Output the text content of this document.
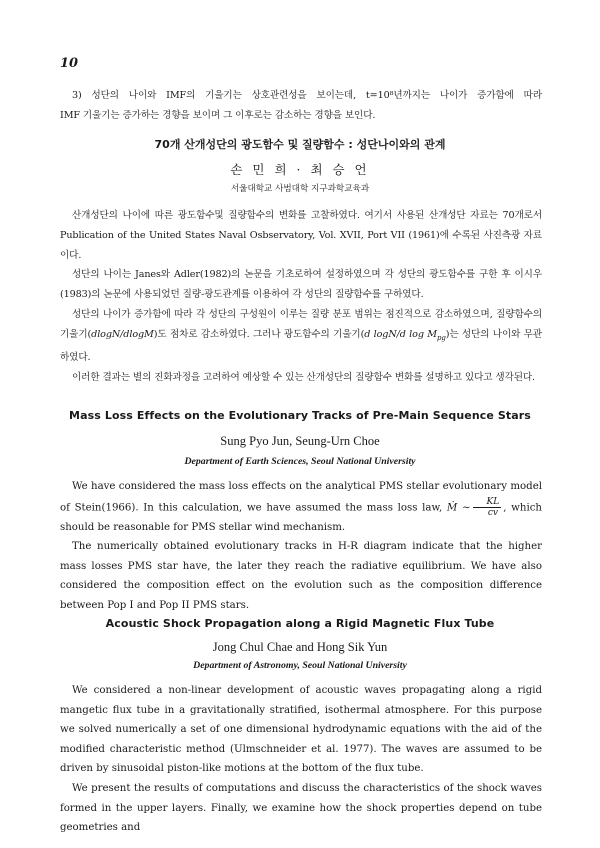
10

3) 성단의 나이와 IMF의 기울기는 상호관련성을 보이는데, t=10⁸년까지는 나이가 증가함에 따라

IMF 기울기는 증가하는 경향을 보이며 그 이후로는 감소하는 경향을 보인다.

70개 산개성단의 광도함수 및 질량함수 : 성단나이와의 관계
손 민 희 · 최 승 언
서울대학교 사범대학 지구과학교육과

산개성단의 나이에 따른 광도함수및 질량함수의 변화를 고찰하였다. 여기서 사용된 산개성단 자료는 70개로서 Publication of the United States Naval Osbservatory, Vol. XVII, Port VII (1961)에 수록된 사진측광 자료이다.

성단의 나이는 Janes와 Adler(1982)의 논문을 기초로하여 설정하였으며 각 성단의 광도함수를 구한 후 이시우(1983)의 논문에 사용되었던 질량-광도관계를 이용하여 각 성단의 질량함수를 구하였다.

성단의 나이가 증가함에 따라 각 성단의 구성원이 이루는 질량 분포 범위는 점진적으로 감소하였으며, 질량함수의 기울기(dlogN/dlogM)도 점차로 감소하였다. 그러나 광도함수의 기울기(d logN/d $\log M_{pg}$)는 성단의 나이와 무관하였다.

이러한 결과는 별의 진화과정을 고려하여 예상할 수 있는 산개성단의 질량함수 변화를 설명하고 있다고 생각된다.

Mass Loss Effects on the Evolutionary Tracks of Pre-Main Sequence Stars
Sung Pyo Jun, Seung-Urn Choe
Department of Earth Sciences, Seoul National University

We have considered the mass loss effects on the analytical PMS stellar evolutionary model of Stein(1966). In this calculation, we have assumed the mass loss law, Ṁ ∼ $\frac{KL}{cv}$ , which should be reasonable for PMS stellar wind mechanism.

The numerically obtained evolutionary tracks in H-R diagram indicate that the higher mass losses PMS star have, the later they reach the radiative equilibrium. We have also considered the composition effect on the evolution such as the composition difference between Pop I and Pop II PMS stars.

Acoustic Shock Propagation along a Rigid Magnetic Flux Tube
Jong Chul Chae and Hong Sik Yun
Department of Astronomy, Seoul National University

We considered a non-linear development of acoustic waves propagating along a rigid mangetic flux tube in a gravitationally stratified, isothermal atmosphere. For this purpose we solved numerically a set of one dimensional hydrodynamic equations with the aid of the modified characteristic method (Ulmschneider et al. 1977). The waves are assumed to be driven by sinusoidal piston-like motions at the bottom of the flux tube.

We present the results of computations and discuss the characteristics of the shock waves formed in the upper layers. Finally, we examine how the shock properties depend on tube geometries and
